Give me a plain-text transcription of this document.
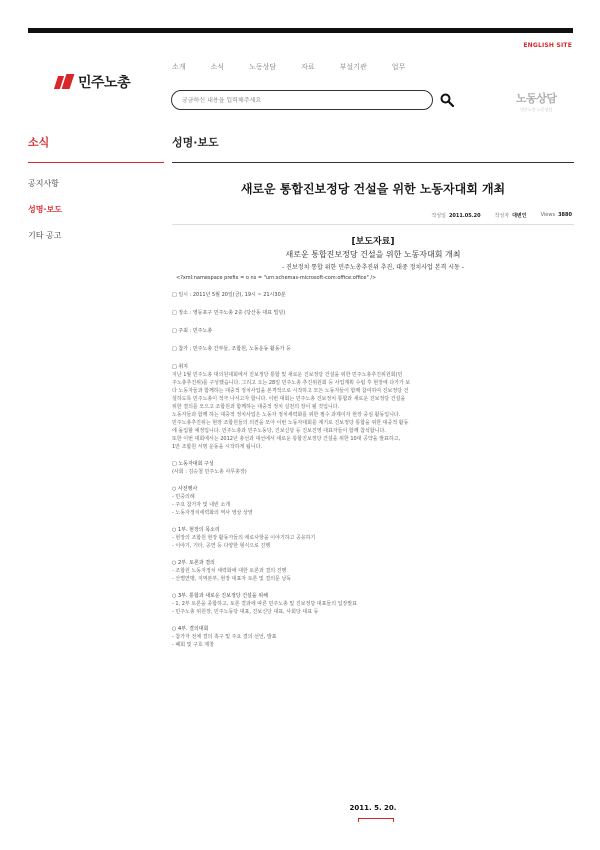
ENGLISH SITE
민주노총
소개	소식	노동상담	자료	부설기관	업무
궁금하신 내용을 입력해주세요
노동상담
민주노총 노동상담
소식
공지사항
성명·보도
기타 공고
성명·보도
새로운 통합진보정당 건설을 위한 노동자대회 개최
작성일 2011.05.20	작성자 대변인	Views 3880
[보도자료]
새로운 통합진보정당 건설을 위한 노동자대회 개최
- 진보정치 통합 위한 민주노총추진위 추진, 대중 정치사업 본격 시동 -
<?xml:namespace prefix = o ns = "urn:schemas-microsoft-com:office:office" />
□ 일시 : 2011년 5월 20일(금), 19시 ~ 21시30분
□ 장소 : 영등포구 민주노총 2층 (당산동 대표 빌딩)
□ 주최 : 민주노총
□ 참가 : 민주노총 간부들, 조합원, 노동운동 활동가 등
□ 취지
지난 1월 민주노총 대의원대회에서 진보정당 통합 및 새로운 진보정당 건설을 위한 민주노총추진위원회(민
주노총추진위)를 구성했습니다. 그리고 오는 28일 민주노총 추진위원회 등 사업계획 수립 후 현장에 다가가 보
다 노동자들과 함께하는 대중적 정치사업을 본격적으로 시작하고 모든 노동자들이 함께 참여하여 진보정당 건
설하도록 민주노총이 적극 나서고자 합니다. 이번 대회는 민주노총 진보정치 통합과 새로운 진보정당 건설을
위한 결의를 모으고 조합원과 함께하는 대중적 정치 실천의 장이 될 것입니다.
노동자들과 함께 하는 대중적 정치사업은 노동자 정치세력화를 위한 필수 과제이자 현장 중심 활동입니다.
민주노총추진위는 현장 조합원들의 의견을 모아 이번 노동자대회를 계기로 진보정당 통합을 위한 대중적 활동
에 돌입할 예정입니다. 민주노총과 민주노동당, 진보신당 등 진보진영 대표자들이 함께 참석합니다.
또한 이번 대회에서는 2012년 총선과 대선에서 새로운 통합진보정당 건설을 위한 10대 공약을 발표하고,
1만 조합원 서명 운동을 시작하게 됩니다.
□ 노동자대회 구성
(사회 : 김승철 민주노총 사무총장)
○ 사전행사
- 민중의례
- 주요 참가자 및 내빈 소개
- 노동자정치세력화의 역사 영상 상영
○ 1부. 현장의 목소리
- 현장의 조합원 현장 활동가들의 애로사항을 이야기하고 공유하기
- 이야기, 기타, 공연 등 다양한 형식으로 진행
○ 2부. 토론과 결의
- 조합원 노동자정치 세력화에 대한 토론과 결의 진행
- 산별연맹, 지역본부, 현장 대표자 토론 및 결의문 낭독
○ 3부. 통합과 새로운 진보정당 건설을 위해
- 1, 2부 토론을 종합하고, 토론 결과에 따른 민주노총 및 진보정당 대표들의 입장발표
- 민주노총 위원장, 민주노동당 대표, 진보신당 대표, 사회당 대표 등
○ 4부. 결의대회
- 참가자 전체 결의 촉구 및 주요 결의 선언, 발표
- 폐회 및 구호 제창
2011. 5. 20.
